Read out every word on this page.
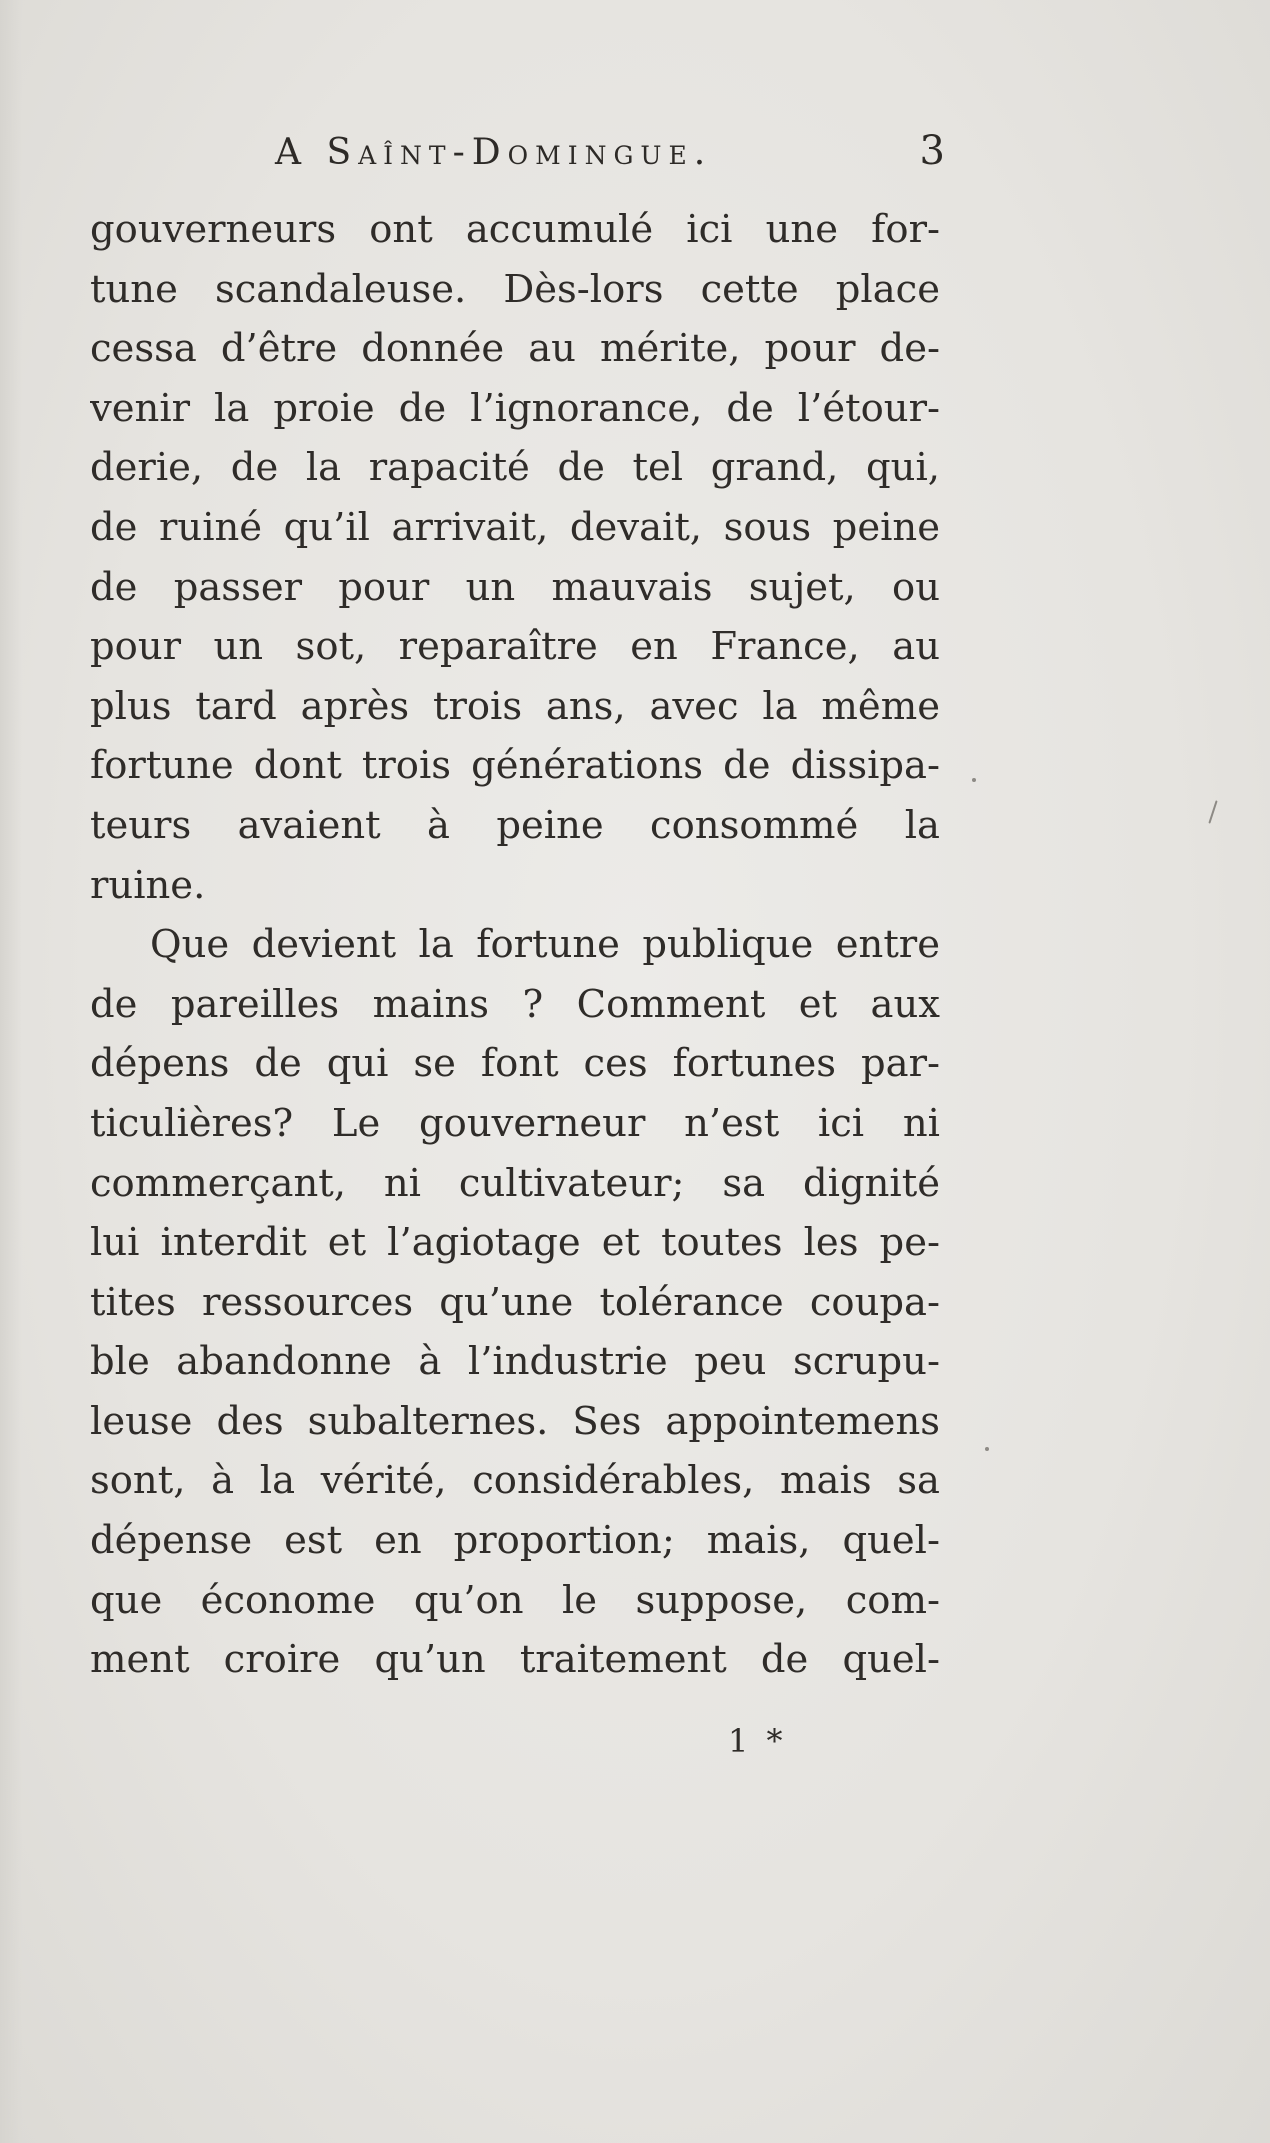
A Saînt-Domingue.	3
gouverneurs ont accumulé ici une for-
tune scandaleuse. Dès-lors cette place
cessa d’être donnée au mérite, pour de-
venir la proie de l’ignorance, de l’étour-
derie, de la rapacité de tel grand, qui,
de ruiné qu’il arrivait, devait, sous peine
de passer pour un mauvais sujet, ou
pour un sot, reparaître en France, au
plus tard après trois ans, avec la même
fortune dont trois générations de dissipa-
teurs avaient à peine consommé la
ruine.
Que devient la fortune publique entre
de pareilles mains ? Comment et aux
dépens de qui se font ces fortunes par-
ticulières? Le gouverneur n’est ici ni
commerçant, ni cultivateur; sa dignité
lui interdit et l’agiotage et toutes les pe-
tites ressources qu’une tolérance coupa-
ble abandonne à l’industrie peu scrupu-
leuse des subalternes. Ses appointemens
sont, à la vérité, considérables, mais sa
dépense est en proportion; mais, quel-
que économe qu’on le suppose, com-
ment croire qu’un traitement de quel-
1 *
